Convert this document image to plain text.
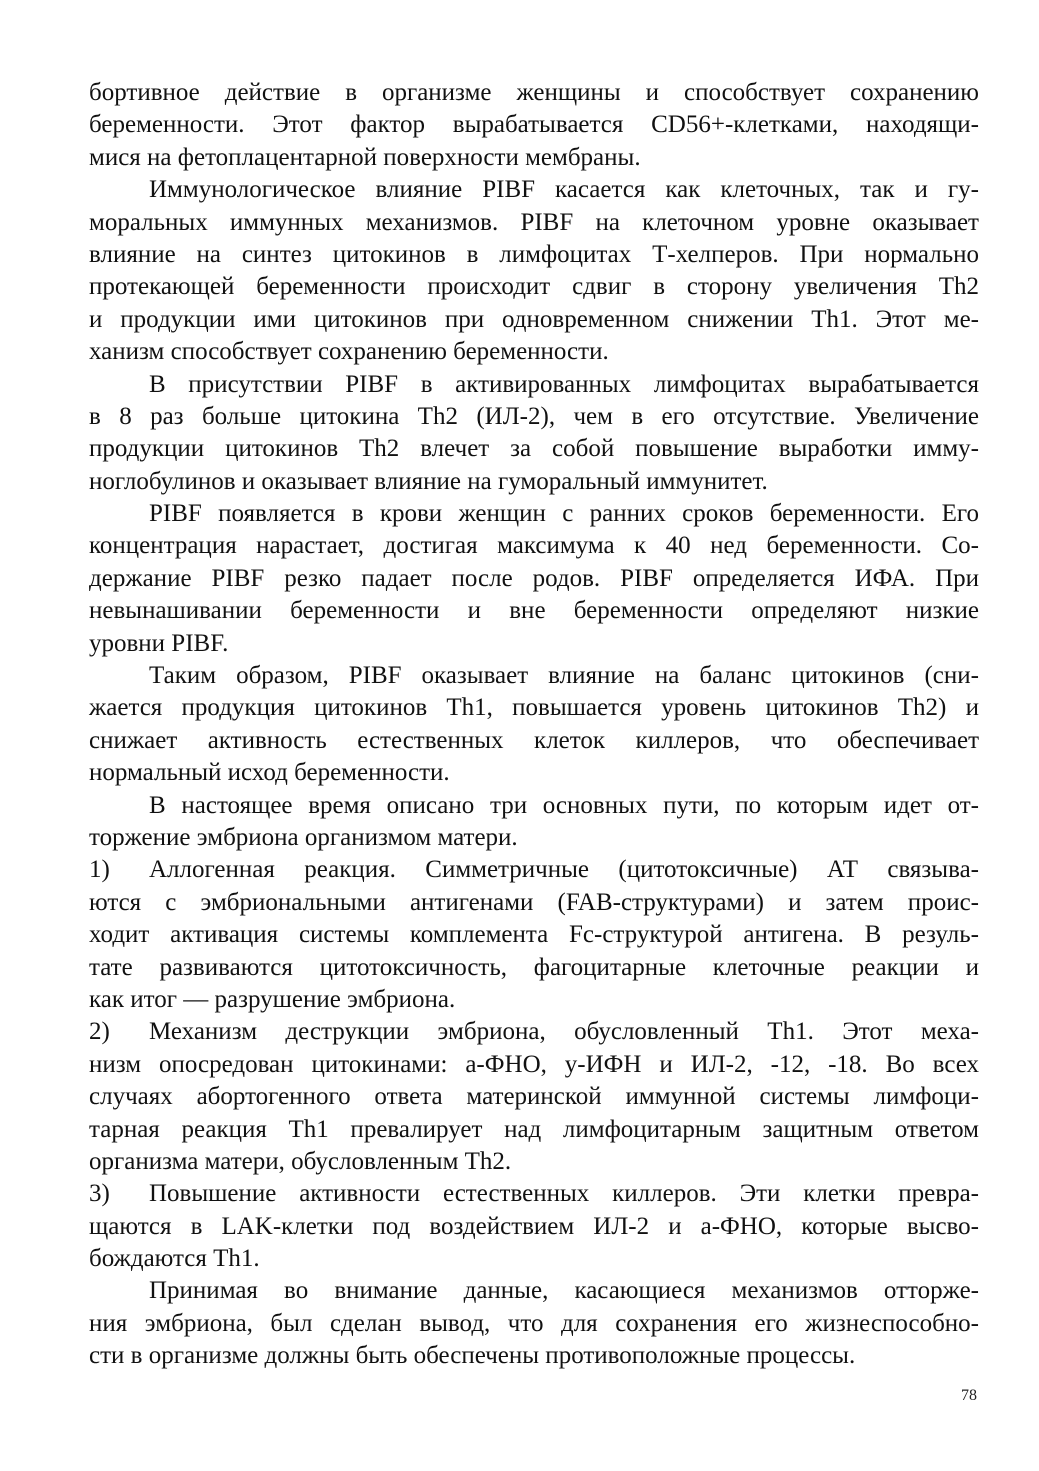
бортивное действие в организме женщины и способствует сохранению
беременности. Этот фактор вырабатывается CD56+-клетками, находящи-
мися на фетоплацентарной поверхности мембраны.
Иммунологическое влияние PIBF касается как клеточных, так и гу-
моральных иммунных механизмов. PIBF на клеточном уровне оказывает
влияние на синтез цитокинов в лимфоцитах Т-хелперов. При нормально
протекающей беременности происходит сдвиг в сторону увеличения Th2
и продукции ими цитокинов при одновременном снижении Th1. Этот ме-
ханизм способствует сохранению беременности.
В присутствии PIBF в активированных лимфоцитах вырабатывается
в 8 раз больше цитокина Th2 (ИЛ-2), чем в его отсутствие. Увеличение
продукции цитокинов Th2 влечет за собой повышение выработки имму-
ноглобулинов и оказывает влияние на гуморальный иммунитет.
PIBF появляется в крови женщин с ранних сроков беременности. Его
концентрация нарастает, достигая максимума к 40 нед беременности. Со-
держание PIBF резко падает после родов. PIBF определяется ИФА. При
невынашивании беременности и вне беременности определяют низкие
уровни PIBF.
Таким образом, PIBF оказывает влияние на баланс цитокинов (сни-
жается продукция цитокинов Th1, повышается уровень цитокинов Th2) и
снижает активность естественных клеток киллеров, что обеспечивает
нормальный исход беременности.
В настоящее время описано три основных пути, по которым идет от-
торжение эмбриона организмом матери.
1) Аллогенная реакция. Симметричные (цитотоксичные) АТ связыва-
ются с эмбриональными антигенами (FAB-структурами) и затем проис-
ходит активация системы комплемента Fc-структурой антигена. В резуль-
тате развиваются цитотоксичность, фагоцитарные клеточные реакции и
как итог — разрушение эмбриона.
2) Механизм деструкции эмбриона, обусловленный Th1. Этот меха-
низм опосредован цитокинами: а-ФНО, у-ИФН и ИЛ-2, -12, -18. Во всех
случаях абортогенного ответа материнской иммунной системы лимфоци-
тарная реакция Th1 превалирует над лимфоцитарным защитным ответом
организма матери, обусловленным Th2.
3) Повышение активности естественных киллеров. Эти клетки превра-
щаются в LAK-клетки под воздействием ИЛ-2 и а-ФНО, которые высво-
бождаются Th1.
Принимая во внимание данные, касающиеся механизмов отторже-
ния эмбриона, был сделан вывод, что для сохранения его жизнеспособно-
сти в организме должны быть обеспечены противоположные процессы.
78
